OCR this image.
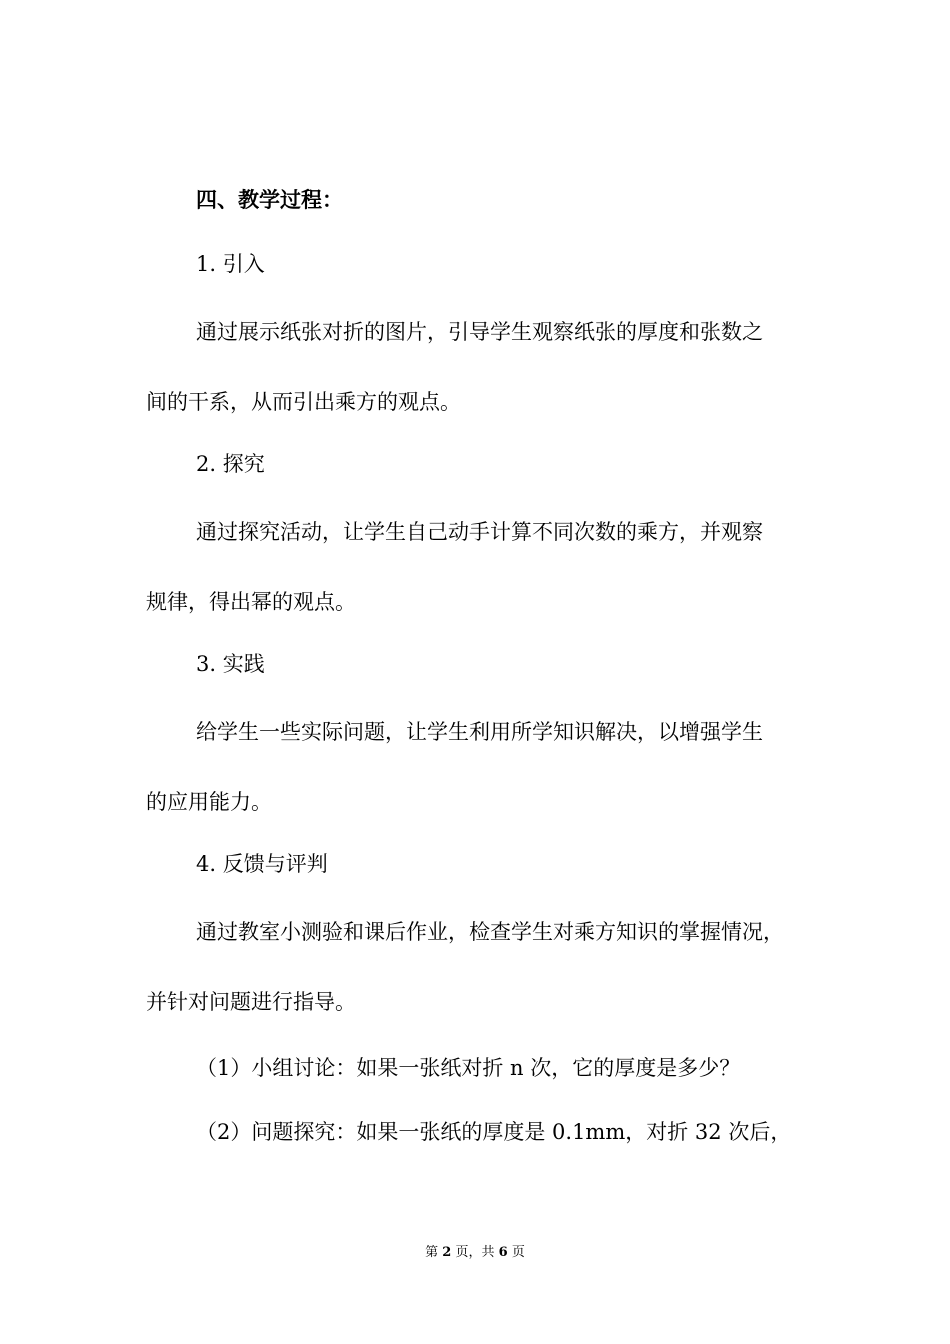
四、教学过程：
1. 引入
通过展示纸张对折的图片，引导学生观察纸张的厚度和张数之
间的干系，从而引出乘方的观点。
2. 探究
通过探究活动，让学生自己动手计算不同次数的乘方，并观察
规律，得出幂的观点。
3. 实践
给学生一些实际问题，让学生利用所学知识解决，以增强学生
的应用能力。
4. 反馈与评判
通过教室小测验和课后作业，检查学生对乘方知识的掌握情况，
并针对问题进行指导。
（1）小组讨论：如果一张纸对折 n 次，它的厚度是多少？
（2）问题探究：如果一张纸的厚度是 0.1mm，对折 32 次后，
第 2 页，共 6 页
